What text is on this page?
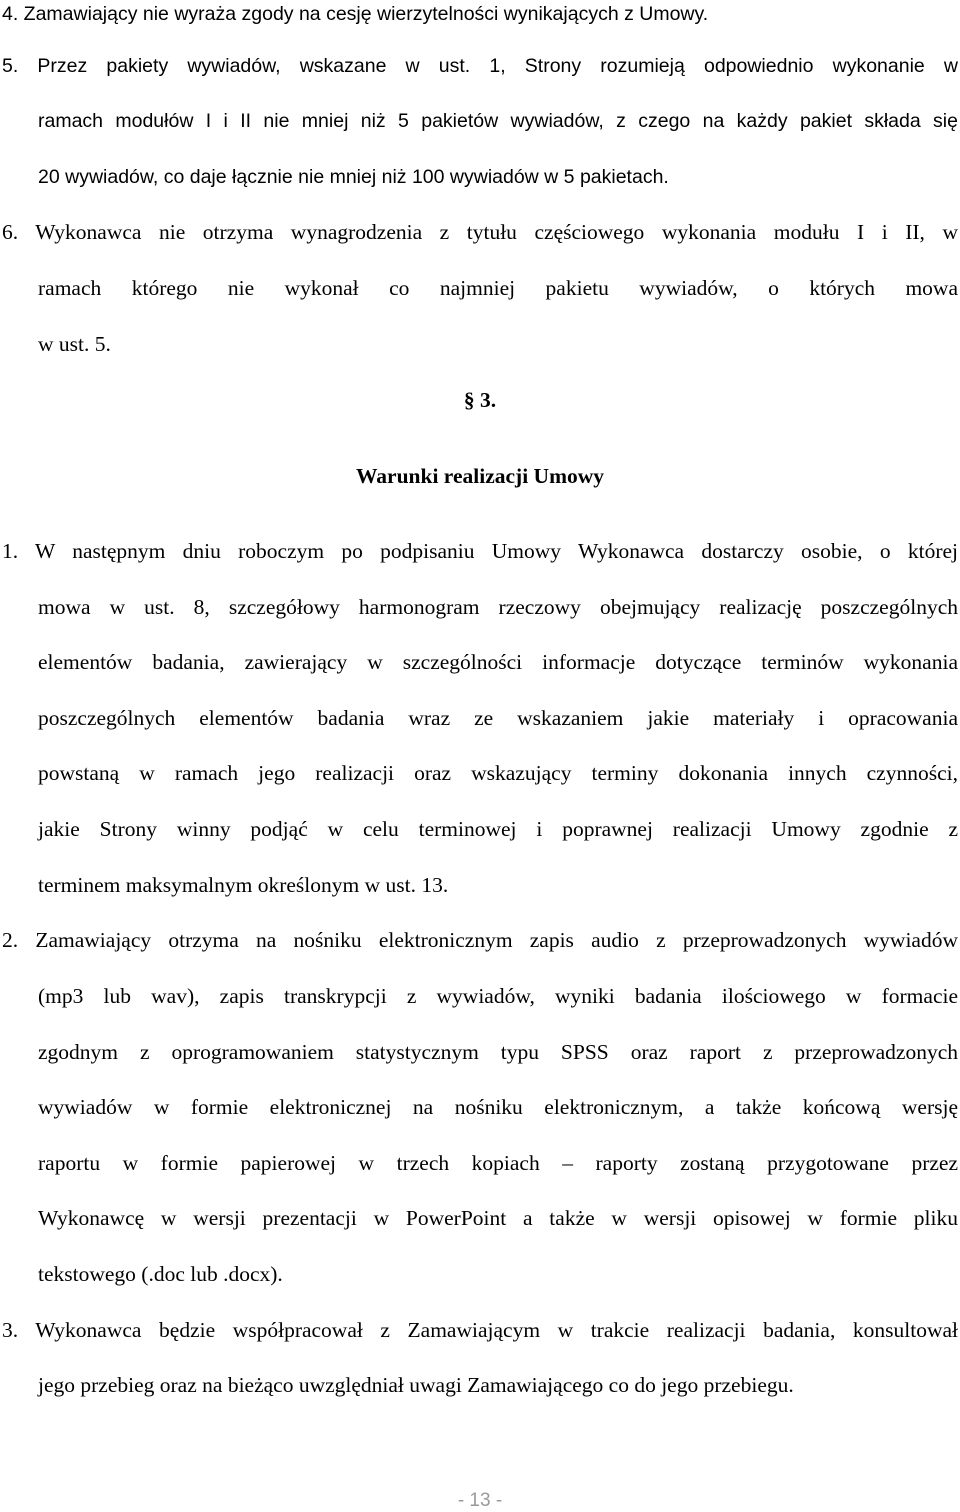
4. Zamawiający nie wyraża zgody na cesję wierzytelności wynikających z Umowy.
5. Przez pakiety wywiadów, wskazane w ust. 1, Strony rozumieją odpowiednio wykonanie w
ramach modułów I i II nie mniej niż 5 pakietów wywiadów, z czego na każdy pakiet składa się
20 wywiadów, co daje łącznie nie mniej niż 100 wywiadów w 5 pakietach.
6. Wykonawca nie otrzyma wynagrodzenia z tytułu częściowego wykonania modułu I i II, w
ramach którego nie wykonał co najmniej pakietu wywiadów, o których mowa
w ust. 5.
§ 3.
Warunki realizacji Umowy
1. W następnym dniu roboczym po podpisaniu Umowy Wykonawca dostarczy osobie, o której
mowa w ust. 8, szczegółowy harmonogram rzeczowy obejmujący realizację poszczególnych
elementów badania, zawierający w szczególności informacje dotyczące terminów wykonania
poszczególnych elementów badania wraz ze wskazaniem jakie materiały i opracowania
powstaną w ramach jego realizacji oraz wskazujący terminy dokonania innych czynności,
jakie Strony winny podjąć w celu terminowej i poprawnej realizacji Umowy zgodnie z
terminem maksymalnym określonym w ust. 13.
2. Zamawiający otrzyma na nośniku elektronicznym zapis audio z przeprowadzonych wywiadów
(mp3 lub wav), zapis transkrypcji z wywiadów, wyniki badania ilościowego w formacie
zgodnym z oprogramowaniem statystycznym typu SPSS oraz raport z przeprowadzonych
wywiadów w formie elektronicznej na nośniku elektronicznym, a także końcową wersję
raportu w formie papierowej w trzech kopiach – raporty zostaną przygotowane przez
Wykonawcę w wersji prezentacji w PowerPoint a także w wersji opisowej w formie pliku
tekstowego (.doc lub .docx).
3. Wykonawca będzie współpracował z Zamawiającym w trakcie realizacji badania, konsultował
jego przebieg oraz na bieżąco uwzględniał uwagi Zamawiającego co do jego przebiegu.
- 13 -
